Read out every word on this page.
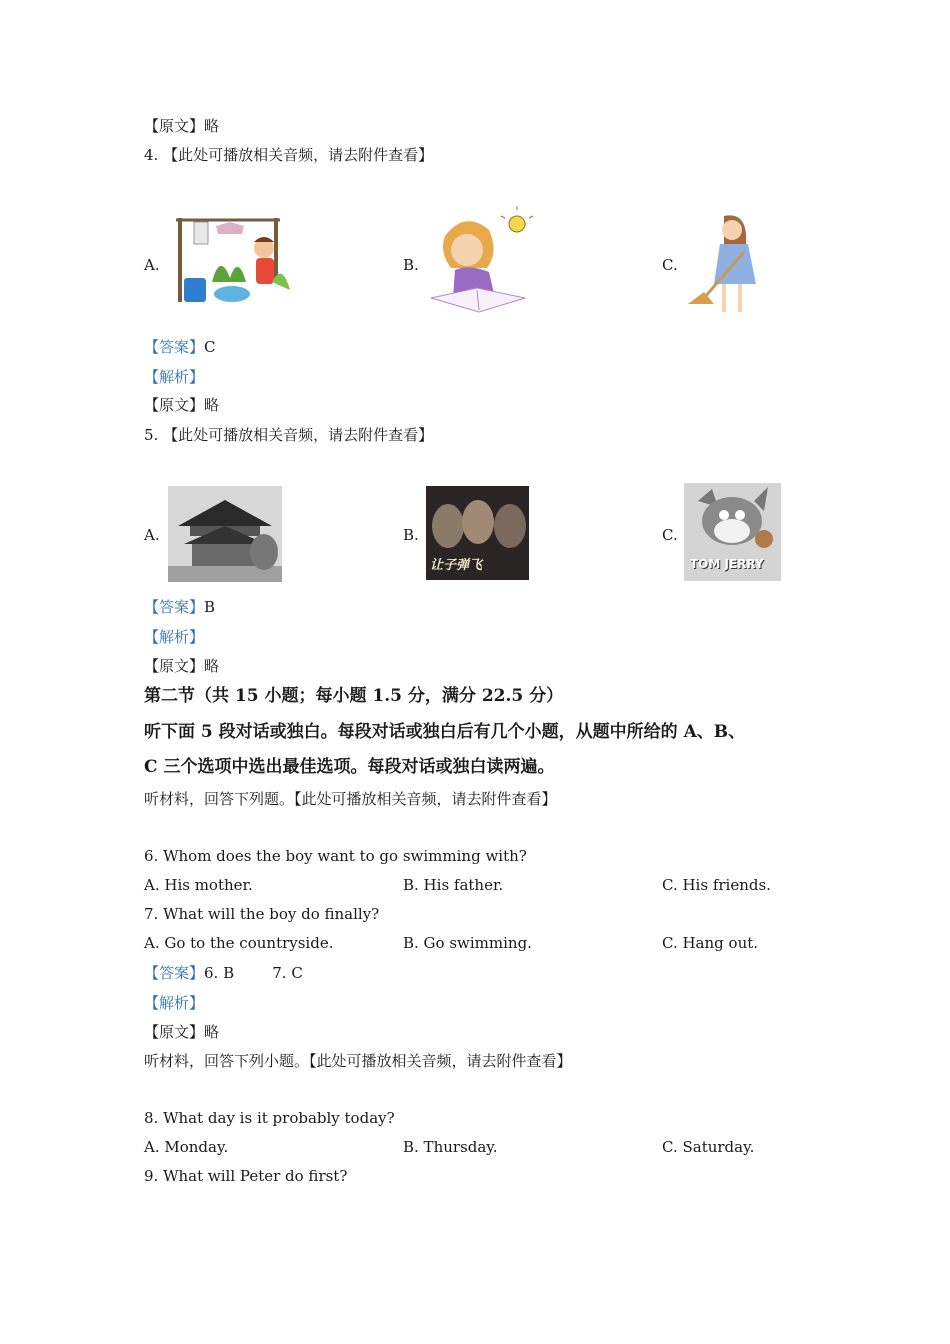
【原文】略
4. 【此处可播放相关音频，请去附件查看】
A.	B.	C.
【答案】C
【解析】
【原文】略
5. 【此处可播放相关音频，请去附件查看】
A.	B.	C.
让子弹飞	TOM JERRY
【答案】B
【解析】
【原文】略
第二节（共 15 小题；每小题 1.5 分，满分 22.5 分）
听下面 5 段对话或独白。每段对话或独白后有几个小题，从题中所给的 A、B、
C 三个选项中选出最佳选项。每段对话或独白读两遍。
听材料，回答下列题。【此处可播放相关音频，请去附件查看】
6. Whom does the boy want to go swimming with?
A. His mother.	B. His father.	C. His friends.
7. What will the boy do finally?
A. Go to the countryside.	B. Go swimming.	C. Hang out.
【答案】6. B        7. C
【解析】
【原文】略
听材料，回答下列小题。【此处可播放相关音频，请去附件查看】
8. What day is it probably today?
A. Monday.	B. Thursday.	C. Saturday.
9. What will Peter do first?
